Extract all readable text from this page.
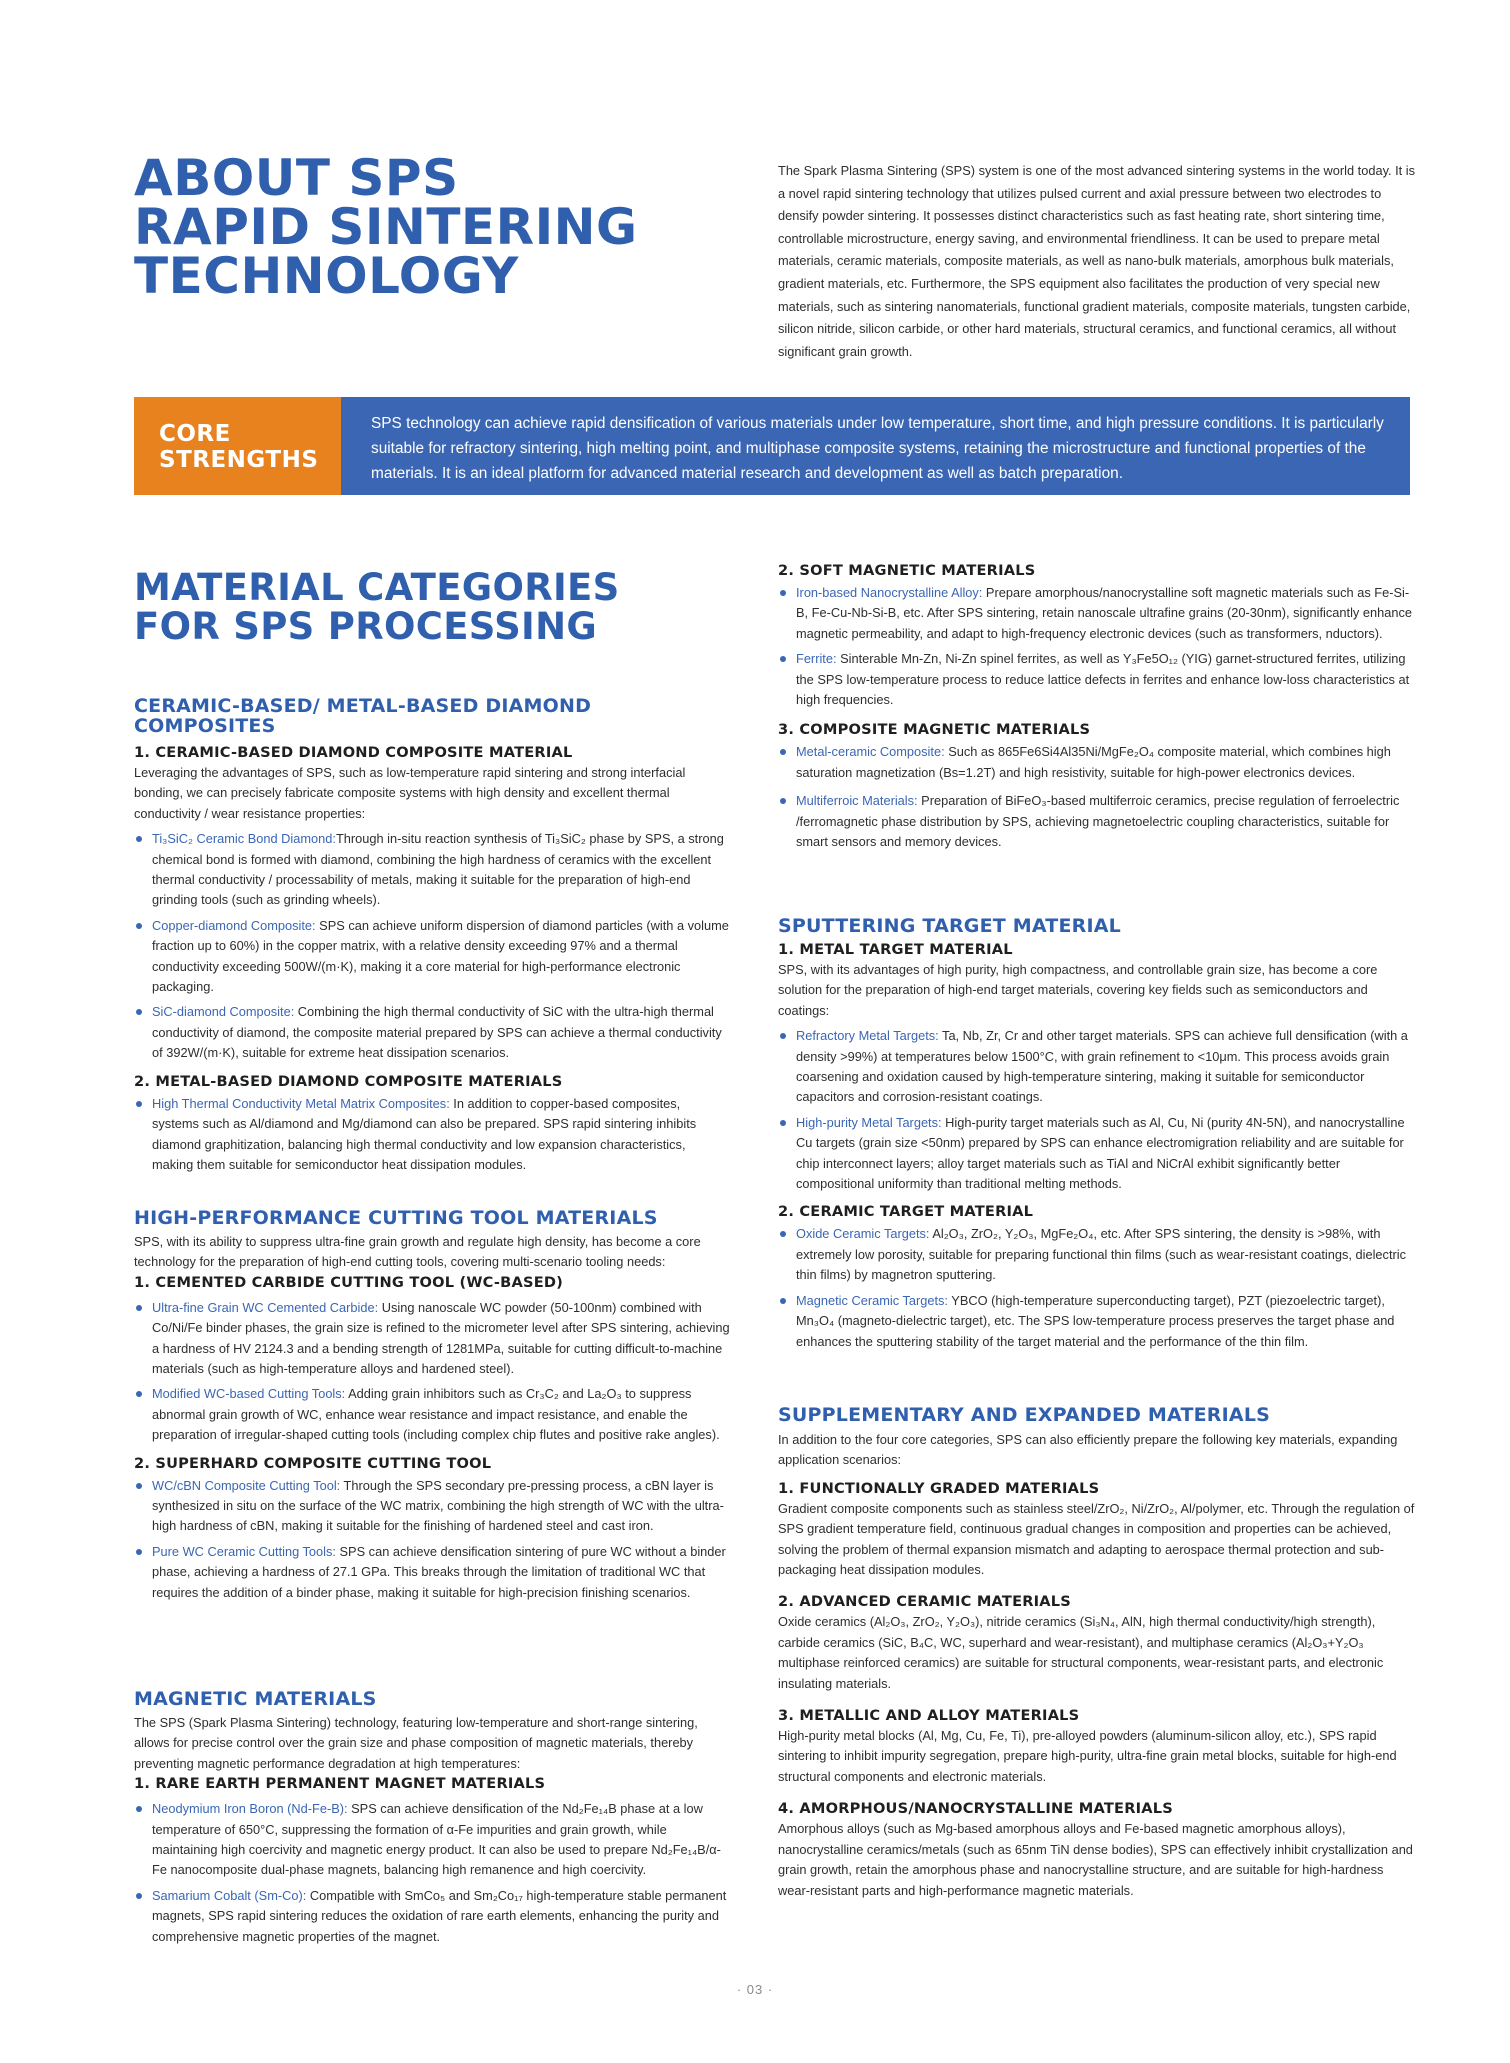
ABOUT SPS
RAPID SINTERING
TECHNOLOGY

The Spark Plasma Sintering (SPS) system is one of the most advanced sintering systems in the world today. It is a novel rapid sintering technology that utilizes pulsed current and axial pressure between two electrodes to densify powder sintering. It possesses distinct characteristics such as fast heating rate, short sintering time, controllable microstructure, energy saving, and environmental friendliness. It can be used to prepare metal materials, ceramic materials, composite materials, as well as nano-bulk materials, amorphous bulk materials, gradient materials, etc. Furthermore, the SPS equipment also facilitates the production of very special new materials, such as sintering nanomaterials, functional gradient materials, composite materials, tungsten carbide, silicon nitride, silicon carbide, or other hard materials, structural ceramics, and functional ceramics, all without significant grain growth.

CORE
STRENGTHS
SPS technology can achieve rapid densification of various materials under low temperature, short time, and high pressure conditions. It is particularly suitable for refractory sintering, high melting point, and multiphase composite systems, retaining the microstructure and functional properties of the materials. It is an ideal platform for advanced material research and development as well as batch preparation.
MATERIAL CATEGORIES
FOR SPS PROCESSING
CERAMIC-BASED/ METAL-BASED DIAMOND COMPOSITES
1. CERAMIC-BASED DIAMOND COMPOSITE MATERIAL

Leveraging the advantages of SPS, such as low-temperature rapid sintering and strong interfacial bonding, we can precisely fabricate composite systems with high density and excellent thermal conductivity / wear resistance properties:

Ti₃SiC₂ Ceramic Bond Diamond:Through in-situ reaction synthesis of Ti₃SiC₂ phase by SPS, a strong chemical bond is formed with diamond, combining the high hardness of ceramics with the excellent thermal conductivity / processability of metals, making it suitable for the preparation of high-end grinding tools (such as grinding wheels).
Copper-diamond Composite: SPS can achieve uniform dispersion of diamond particles (with a volume fraction up to 60%) in the copper matrix, with a relative density exceeding 97% and a thermal conductivity exceeding 500W/(m·K), making it a core material for high-performance electronic packaging.
SiC-diamond Composite: Combining the high thermal conductivity of SiC with the ultra-high thermal conductivity of diamond, the composite material prepared by SPS can achieve a thermal conductivity of 392W/(m·K), suitable for extreme heat dissipation scenarios.
2. METAL-BASED DIAMOND COMPOSITE MATERIALS
High Thermal Conductivity Metal Matrix Composites: In addition to copper-based composites, systems such as Al/diamond and Mg/diamond can also be prepared. SPS rapid sintering inhibits diamond graphitization, balancing high thermal conductivity and low expansion characteristics, making them suitable for semiconductor heat dissipation modules.
HIGH-PERFORMANCE CUTTING TOOL MATERIALS

SPS, with its ability to suppress ultra-fine grain growth and regulate high density, has become a core technology for the preparation of high-end cutting tools, covering multi-scenario tooling needs:

1. CEMENTED CARBIDE CUTTING TOOL (WC-BASED)
Ultra-fine Grain WC Cemented Carbide: Using nanoscale WC powder (50-100nm) combined with Co/Ni/Fe binder phases, the grain size is refined to the micrometer level after SPS sintering, achieving a hardness of HV 2124.3 and a bending strength of 1281MPa, suitable for cutting difficult-to-machine materials (such as high-temperature alloys and hardened steel).
Modified WC-based Cutting Tools: Adding grain inhibitors such as Cr₃C₂ and La₂O₃ to suppress abnormal grain growth of WC, enhance wear resistance and impact resistance, and enable the preparation of irregular-shaped cutting tools (including complex chip flutes and positive rake angles).
2. SUPERHARD COMPOSITE CUTTING TOOL
WC/cBN Composite Cutting Tool: Through the SPS secondary pre-pressing process, a cBN layer is synthesized in situ on the surface of the WC matrix, combining the high strength of WC with the ultra-high hardness of cBN, making it suitable for the finishing of hardened steel and cast iron.
Pure WC Ceramic Cutting Tools: SPS can achieve densification sintering of pure WC without a binder phase, achieving a hardness of 27.1 GPa. This breaks through the limitation of traditional WC that requires the addition of a binder phase, making it suitable for high-precision finishing scenarios.
MAGNETIC MATERIALS

The SPS (Spark Plasma Sintering) technology, featuring low-temperature and short-range sintering, allows for precise control over the grain size and phase composition of magnetic materials, thereby preventing magnetic performance degradation at high temperatures:

1. RARE EARTH PERMANENT MAGNET MATERIALS
Neodymium Iron Boron (Nd-Fe-B): SPS can achieve densification of the Nd₂Fe₁₄B phase at a low temperature of 650°C, suppressing the formation of α-Fe impurities and grain growth, while maintaining high coercivity and magnetic energy product. It can also be used to prepare Nd₂Fe₁₄B/α-Fe nanocomposite dual-phase magnets, balancing high remanence and high coercivity.
Samarium Cobalt (Sm-Co): Compatible with SmCo₅ and Sm₂Co₁₇ high-temperature stable permanent magnets, SPS rapid sintering reduces the oxidation of rare earth elements, enhancing the purity and comprehensive magnetic properties of the magnet.
2. SOFT MAGNETIC MATERIALS
Iron-based Nanocrystalline Alloy: Prepare amorphous/nanocrystalline soft magnetic materials such as Fe-Si-B, Fe-Cu-Nb-Si-B, etc. After SPS sintering, retain nanoscale ultrafine grains (20-30nm), significantly enhance magnetic permeability, and adapt to high-frequency electronic devices (such as transformers, nductors).
Ferrite: Sinterable Mn-Zn, Ni-Zn spinel ferrites, as well as Y₃Fe5O₁₂ (YIG) garnet-structured ferrites, utilizing the SPS low-temperature process to reduce lattice defects in ferrites and enhance low-loss characteristics at high frequencies.
3. COMPOSITE MAGNETIC MATERIALS
Metal-ceramic Composite: Such as 865Fe6Si4Al35Ni/MgFe₂O₄ composite material, which combines high saturation magnetization (Bs=1.2T) and high resistivity, suitable for high-power electronics devices.
Multiferroic Materials: Preparation of BiFeO₃-based multiferroic ceramics, precise regulation of ferroelectric /ferromagnetic phase distribution by SPS, achieving magnetoelectric coupling characteristics, suitable for smart sensors and memory devices.
SPUTTERING TARGET MATERIAL
1. METAL TARGET MATERIAL

SPS, with its advantages of high purity, high compactness, and controllable grain size, has become a core solution for the preparation of high-end target materials, covering key fields such as semiconductors and coatings:

Refractory Metal Targets: Ta, Nb, Zr, Cr and other target materials. SPS can achieve full densification (with a density >99%) at temperatures below 1500°C, with grain refinement to <10μm. This process avoids grain coarsening and oxidation caused by high-temperature sintering, making it suitable for semiconductor capacitors and corrosion-resistant coatings.
High-purity Metal Targets: High-purity target materials such as Al, Cu, Ni (purity 4N-5N), and nanocrystalline Cu targets (grain size <50nm) prepared by SPS can enhance electromigration reliability and are suitable for chip interconnect layers; alloy target materials such as TiAl and NiCrAl exhibit significantly better compositional uniformity than traditional melting methods.
2. CERAMIC TARGET MATERIAL
Oxide Ceramic Targets: Al₂O₃, ZrO₂, Y₂O₃, MgFe₂O₄, etc. After SPS sintering, the density is >98%, with extremely low porosity, suitable for preparing functional thin films (such as wear-resistant coatings, dielectric thin films) by magnetron sputtering.
Magnetic Ceramic Targets: YBCO (high-temperature superconducting target), PZT (piezoelectric target), Mn₃O₄ (magneto-dielectric target), etc. The SPS low-temperature process preserves the target phase and enhances the sputtering stability of the target material and the performance of the thin film.
SUPPLEMENTARY AND EXPANDED MATERIALS

In addition to the four core categories, SPS can also efficiently prepare the following key materials, expanding application scenarios:

1. FUNCTIONALLY GRADED MATERIALS

Gradient composite components such as stainless steel/ZrO₂, Ni/ZrO₂, Al/polymer, etc. Through the regulation of SPS gradient temperature field, continuous gradual changes in composition and properties can be achieved, solving the problem of thermal expansion mismatch and adapting to aerospace thermal protection and sub-packaging heat dissipation modules.

2. ADVANCED CERAMIC MATERIALS

Oxide ceramics (Al₂O₃, ZrO₂, Y₂O₃), nitride ceramics (Si₃N₄, AlN, high thermal conductivity/high strength), carbide ceramics (SiC, B₄C, WC, superhard and wear-resistant), and multiphase ceramics (Al₂O₃+Y₂O₃ multiphase reinforced ceramics) are suitable for structural components, wear-resistant parts, and electronic insulating materials.

3. METALLIC AND ALLOY MATERIALS

High-purity metal blocks (Al, Mg, Cu, Fe, Ti), pre-alloyed powders (aluminum-silicon alloy, etc.), SPS rapid sintering to inhibit impurity segregation, prepare high-purity, ultra-fine grain metal blocks, suitable for high-end structural components and electronic materials.

4. AMORPHOUS/NANOCRYSTALLINE MATERIALS

Amorphous alloys (such as Mg-based amorphous alloys and Fe-based magnetic amorphous alloys), nanocrystalline ceramics/metals (such as 65nm TiN dense bodies), SPS can effectively inhibit crystallization and grain growth, retain the amorphous phase and nanocrystalline structure, and are suitable for high-hardness wear-resistant parts and high-performance magnetic materials.

· 03 ·
